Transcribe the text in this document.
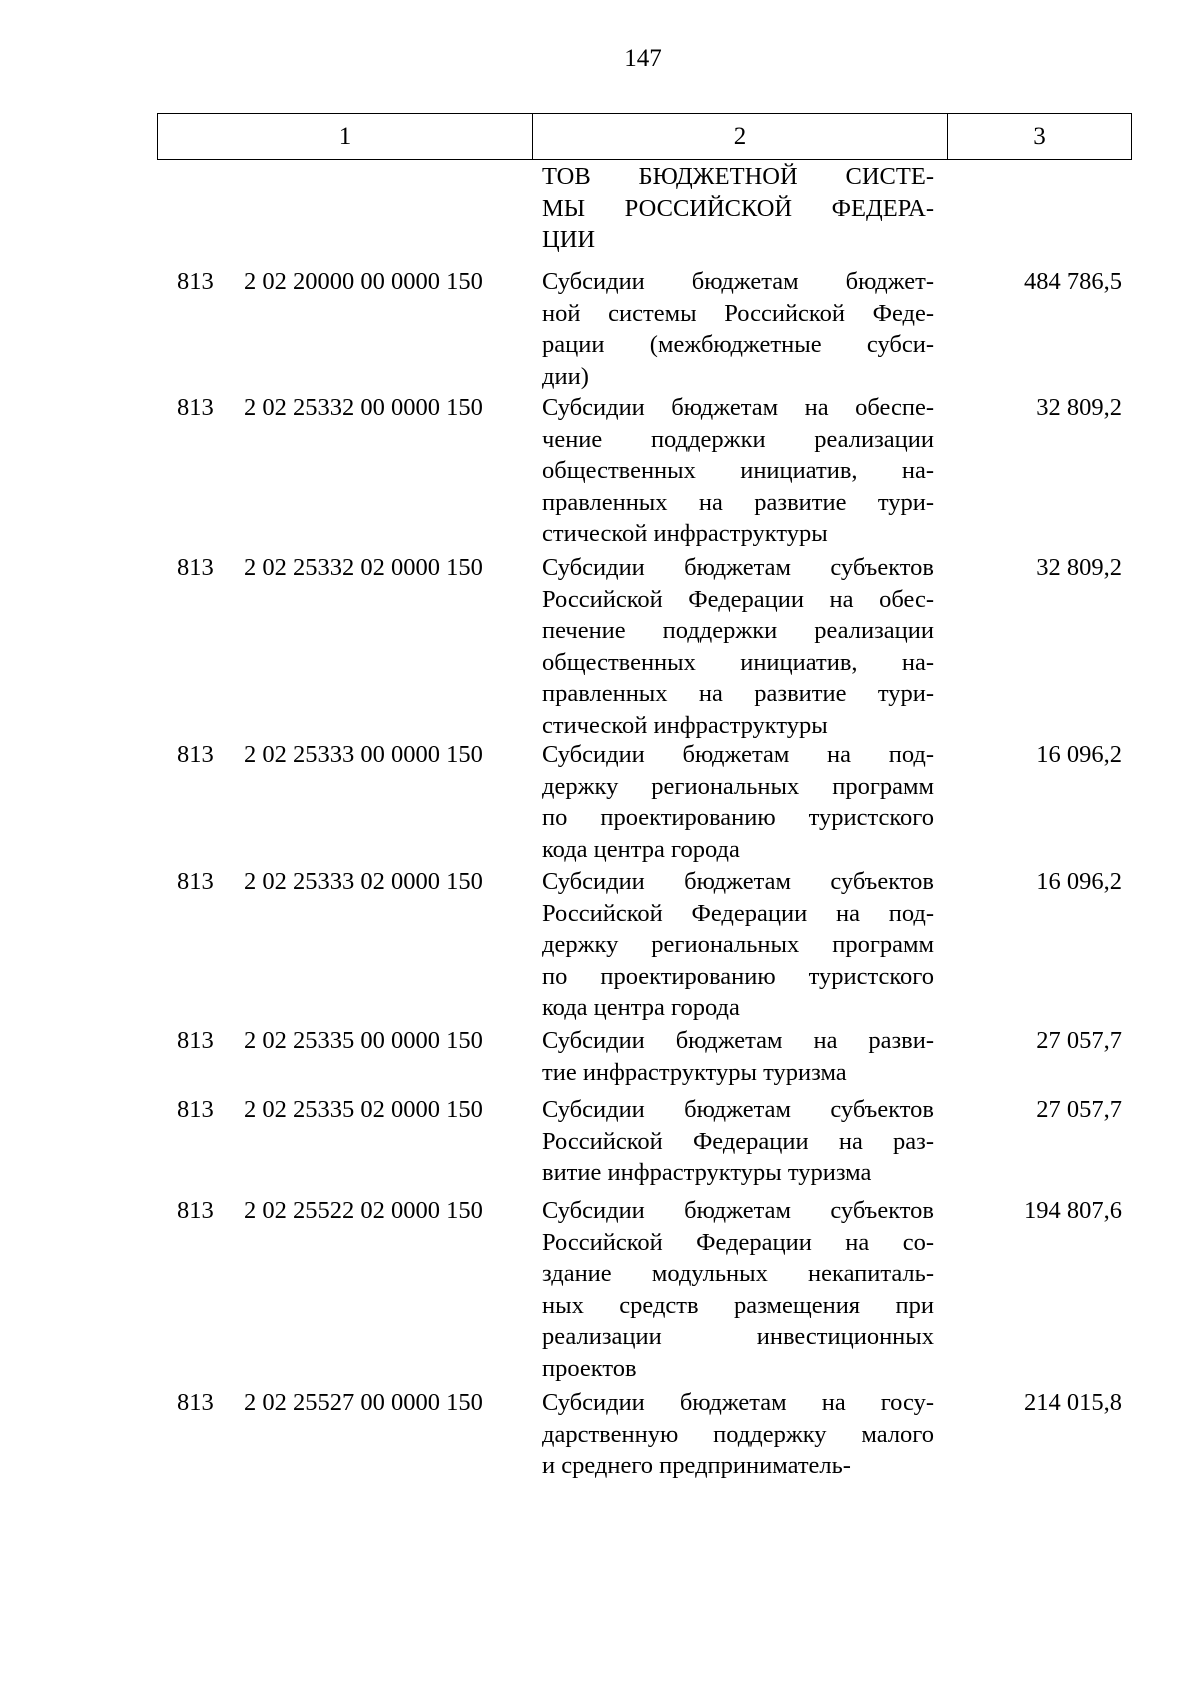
147
1	2	3
ТОВ БЮДЖЕТНОЙ СИСТЕ-
МЫ РОССИЙСКОЙ ФЕДЕРА-
ЦИИ
813 2 02 20000 00 0000 150 Субсидии бюджетам бюджет-
ной системы Российской Феде-
рации (межбюджетные субси-
дии)
484 786,5
813 2 02 25332 00 0000 150 Субсидии бюджетам на обеспе-
чение поддержки реализации
общественных инициатив, на-
правленных на развитие тури-
стической инфраструктуры
32 809,2
813 2 02 25332 02 0000 150 Субсидии бюджетам субъектов
Российской Федерации на обес-
печение поддержки реализации
общественных инициатив, на-
правленных на развитие тури-
стической инфраструктуры
32 809,2
813 2 02 25333 00 0000 150 Субсидии бюджетам на под-
держку региональных программ
по проектированию туристского
кода центра города
16 096,2
813 2 02 25333 02 0000 150 Субсидии бюджетам субъектов
Российской Федерации на под-
держку региональных программ
по проектированию туристского
кода центра города
16 096,2
813 2 02 25335 00 0000 150 Субсидии бюджетам на разви-
тие инфраструктуры туризма
27 057,7
813 2 02 25335 02 0000 150 Субсидии бюджетам субъектов
Российской Федерации на раз-
витие инфраструктуры туризма
27 057,7
813 2 02 25522 02 0000 150 Субсидии бюджетам субъектов
Российской Федерации на со-
здание модульных некапиталь-
ных средств размещения при
реализации инвестиционных
проектов
194 807,6
813 2 02 25527 00 0000 150 Субсидии бюджетам на госу-
дарственную поддержку малого
и среднего предприниматель-
214 015,8
